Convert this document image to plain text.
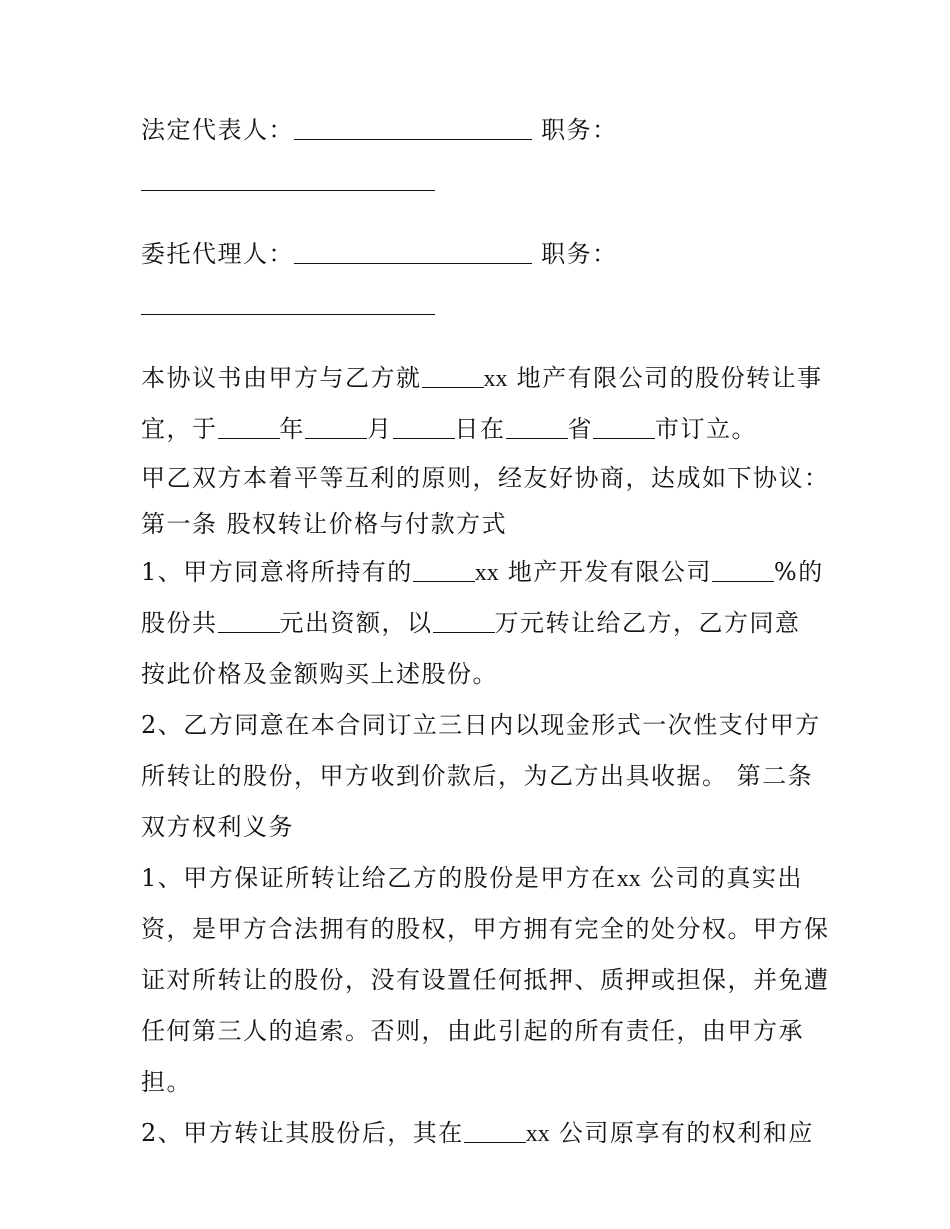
法定代表人：	职务：
委托代理人：	职务：
本协议书由甲方与乙方就	xx 地产有限公司的股份转让事
宜，于	年	月	日在	省	市订立。
甲乙双方本着平等互利的原则，经友好协商，达成如下协议：
第一条 股权转让价格与付款方式
1、甲方同意将所持有的	xx 地产开发有限公司	%的
股份共	元出资额，以	万元转让给乙方，乙方同意
按此价格及金额购买上述股份。
2、乙方同意在本合同订立三日内以现金形式一次性支付甲方
所转让的股份，甲方收到价款后，为乙方出具收据。 第二条
双方权利义务
1、甲方保证所转让给乙方的股份是甲方在xx 公司的真实出
资，是甲方合法拥有的股权，甲方拥有完全的处分权。甲方保
证对所转让的股份，没有设置任何抵押、质押或担保，并免遭
任何第三人的追索。否则，由此引起的所有责任，由甲方承
担。
2、甲方转让其股份后，其在	xx 公司原享有的权利和应
